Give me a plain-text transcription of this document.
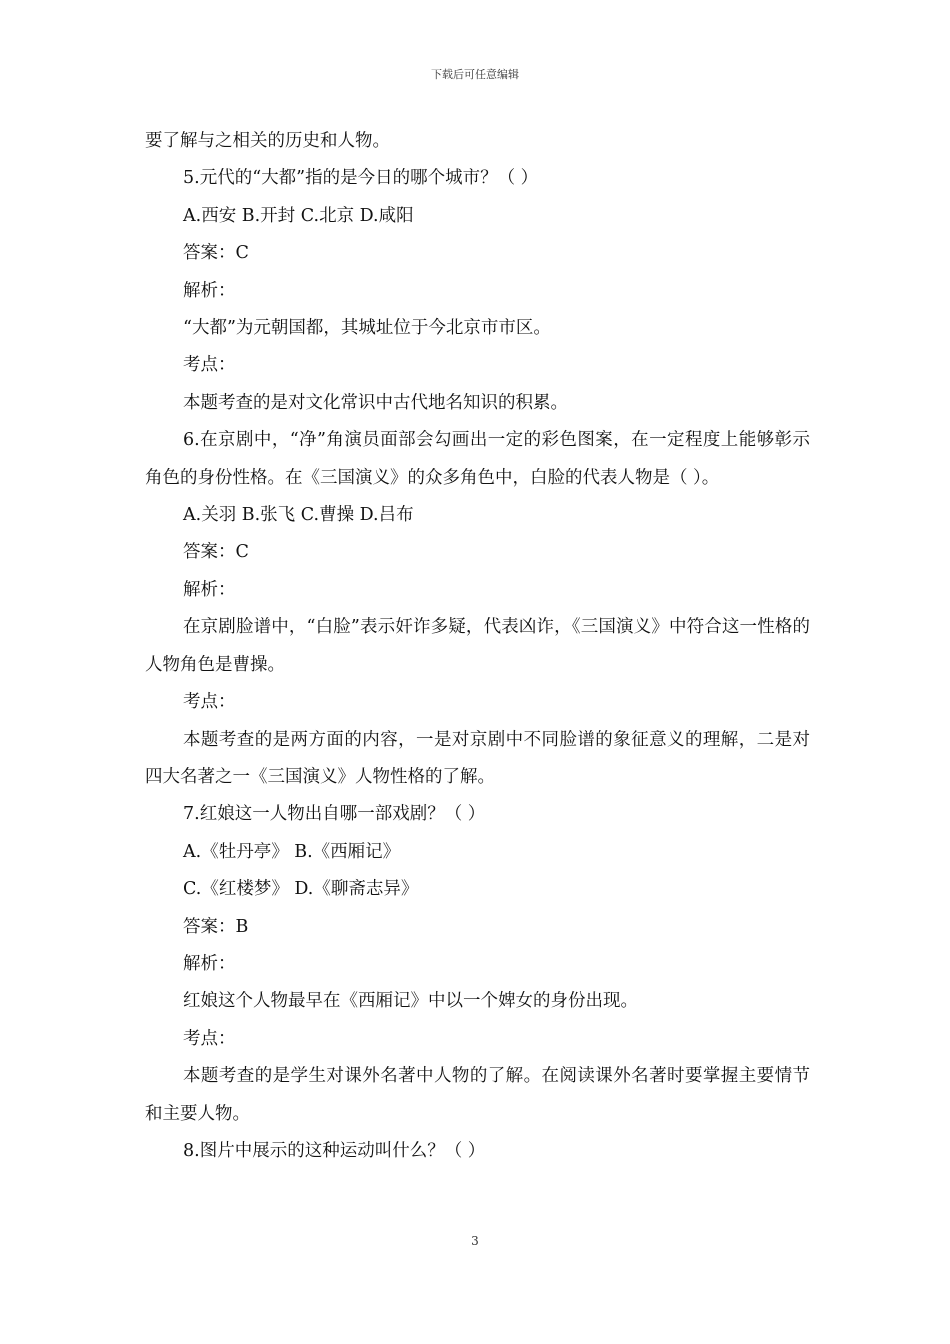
下载后可任意编辑

要了解与之相关的历史和人物。

5.元代的“大都”指的是今日的哪个城市？（ ）

A.西安 B.开封 C.北京 D.咸阳

答案：C

解析：

“大都”为元朝国都，其城址位于今北京市市区。

考点：

本题考查的是对文化常识中古代地名知识的积累。

6.在京剧中，“净”角演员面部会勾画出一定的彩色图案，在一定程度上能够彰示角色的身份性格。在《三国演义》的众多角色中，白脸的代表人物是（ ）。

A.关羽 B.张飞 C.曹操 D.吕布

答案：C

解析：

在京剧脸谱中，“白脸”表示奸诈多疑，代表凶诈，《三国演义》中符合这一性格的人物角色是曹操。

考点：

本题考查的是两方面的内容，一是对京剧中不同脸谱的象征意义的理解，二是对四大名著之一《三国演义》人物性格的了解。

7.红娘这一人物出自哪一部戏剧？（ ）

A.《牡丹亭》 B.《西厢记》

C.《红楼梦》 D.《聊斋志异》

答案：B

解析：

红娘这个人物最早在《西厢记》中以一个婢女的身份出现。

考点：

本题考查的是学生对课外名著中人物的了解。在阅读课外名著时要掌握主要情节和主要人物。

8.图片中展示的这种运动叫什么？（ ）

3
